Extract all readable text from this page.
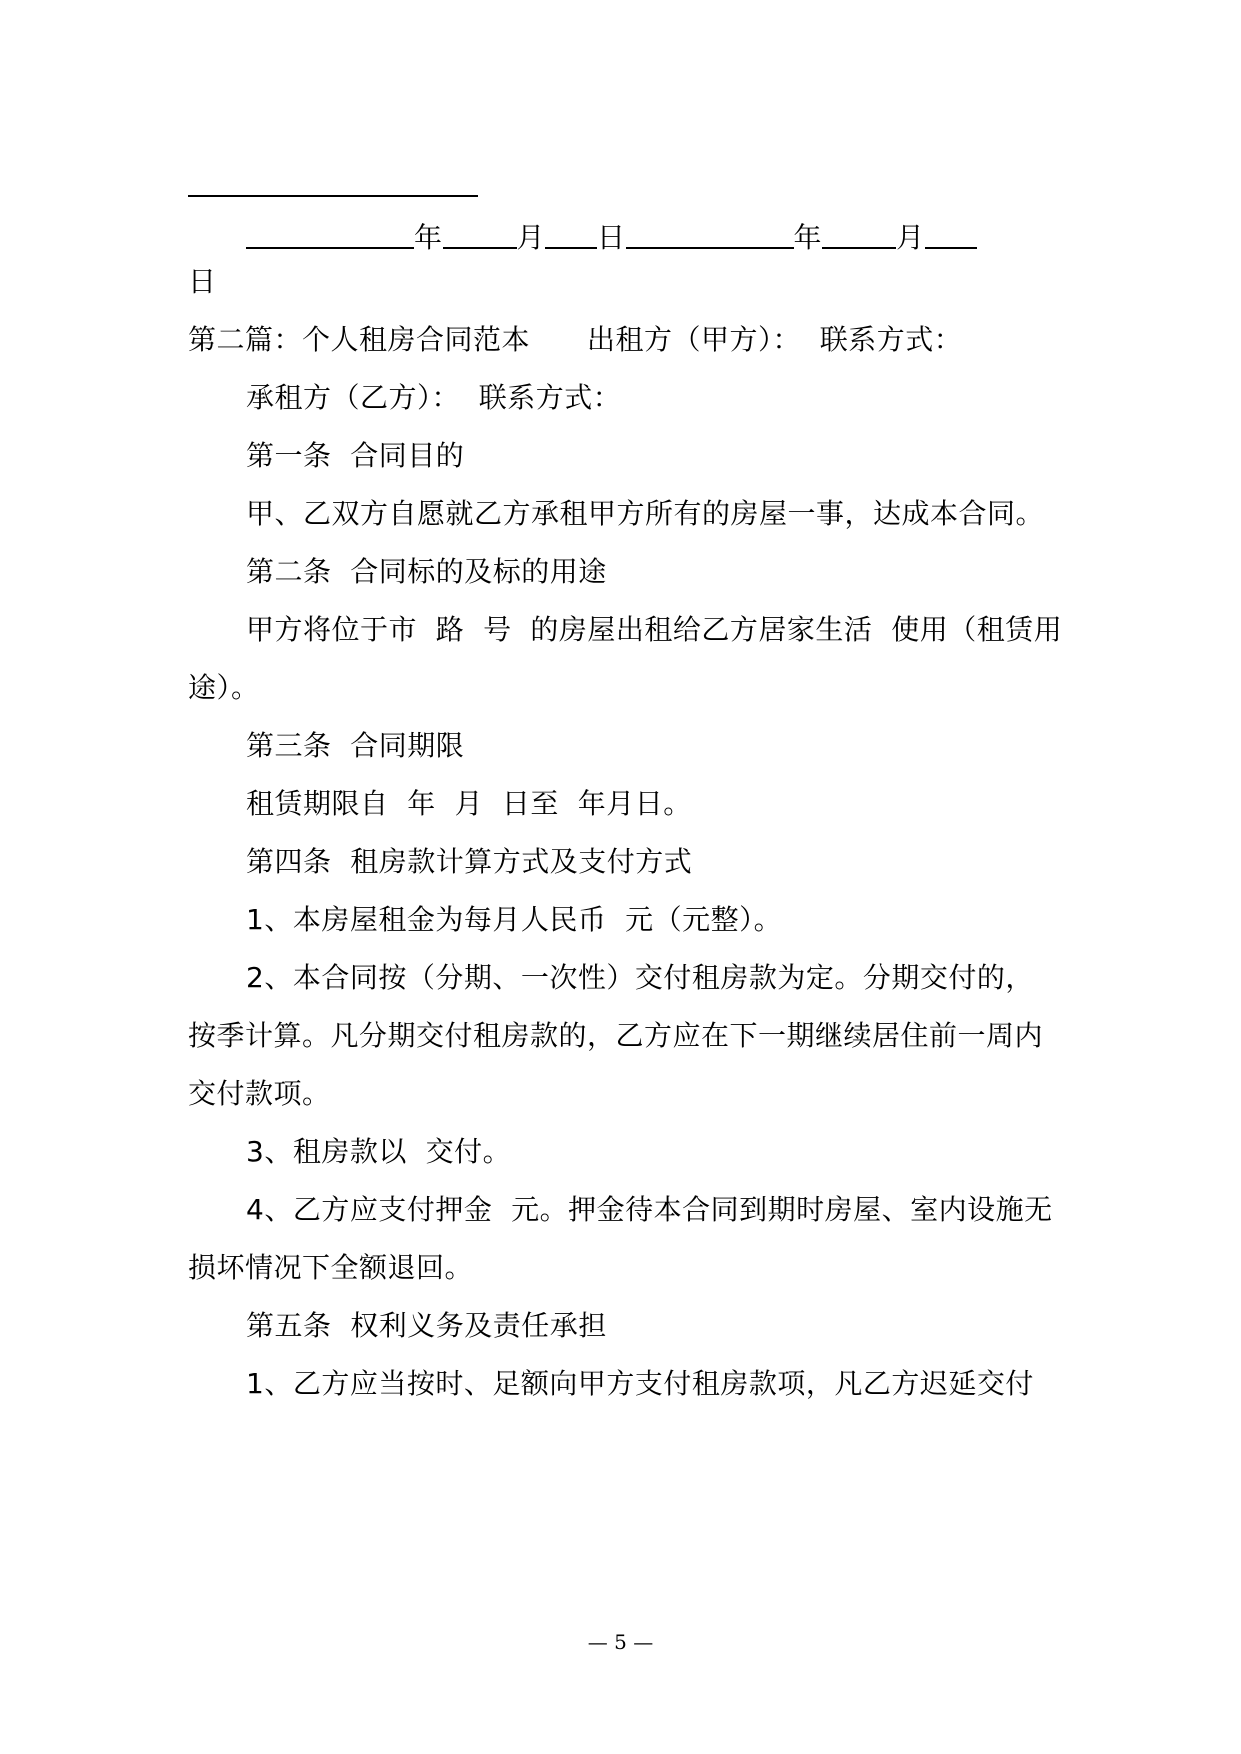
年	月 日	年	月

日

第二篇：个人租房合同范本　　出租方（甲方）：  联系方式：

承租方（乙方）：  联系方式：

第一条  合同目的

甲、乙双方自愿就乙方承租甲方所有的房屋一事，达成本合同。

第二条  合同标的及标的用途

甲方将位于市  路  号  的房屋出租给乙方居家生活  使用（租赁用

途）。

第三条  合同期限

租赁期限自  年  月  日至  年月日。

第四条  租房款计算方式及支付方式

1、本房屋租金为每月人民币  元（元整）。

2、本合同按（分期、一次性）交付租房款为定。分期交付的，

按季计算。凡分期交付租房款的，乙方应在下一期继续居住前一周内

交付款项。

3、租房款以  交付。

4、乙方应支付押金  元。押金待本合同到期时房屋、室内设施无

损坏情况下全额退回。

第五条  权利义务及责任承担

1、乙方应当按时、足额向甲方支付租房款项，凡乙方迟延交付

— 5 —
